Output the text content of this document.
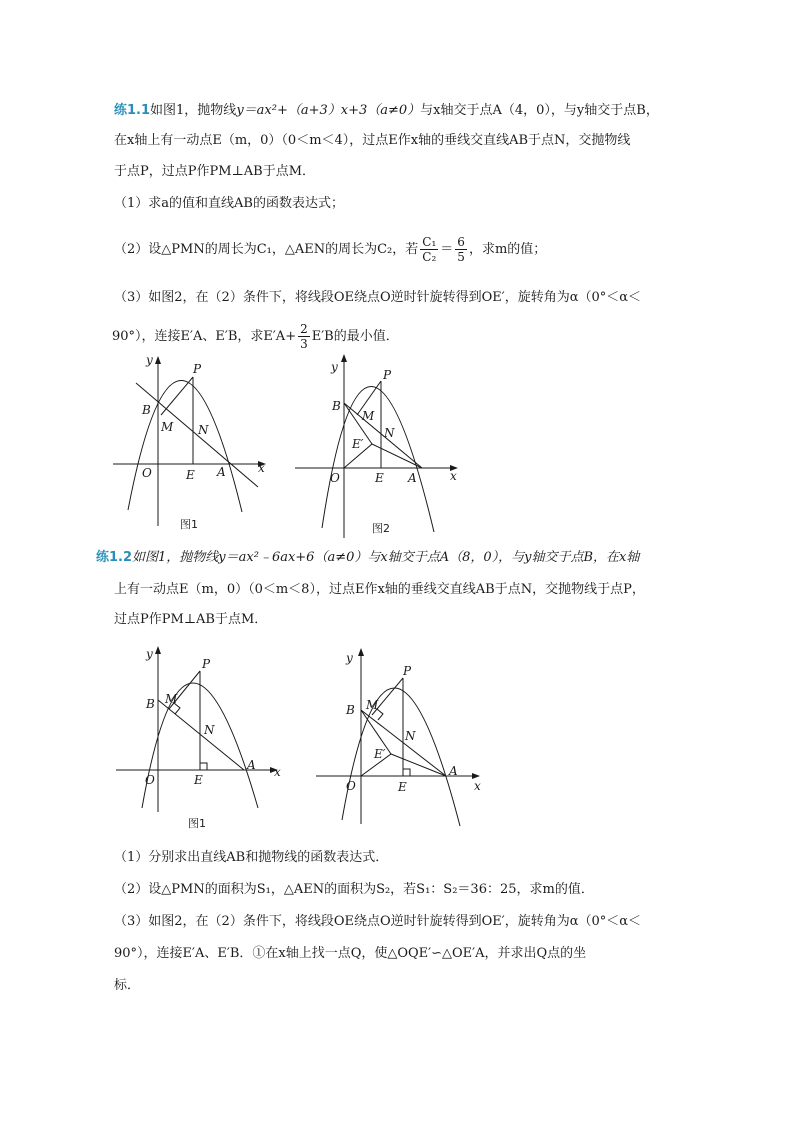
练1.1如图1，抛物线y＝ax²+（a+3）x+3（a≠0）与x轴交于点A（4，0），与y轴交于点B，
在x轴上有一动点E（m，0）（0＜m＜4），过点E作x轴的垂线交直线AB于点N，交抛物线
于点P，过点P作PM⊥AB于点M．
（1）求a的值和直线AB的函数表达式；
（2）设△PMN的周长为C₁，△AEN的周长为C₂，若 $\frac{\text{C₁}}{\text{C₂}} = \frac{6}{5}$ ，求m的值；
（3）如图2，在（2）条件下，将线段OE绕点O逆时针旋转得到OE′，旋转角为α（0°＜α＜
90°），连接E′A、E′B，求$E'A+ \frac{2}{3} E'B$的最小值．
y
x
O
B
P
M N
E A
图1
y
x
O
B
P
M
N
E′
E A
图2
练1.2如图1，抛物线y＝ax²﹣6ax+6（a≠0）与x轴交于点A（8，0），与y轴交于点B，在x轴
上有一动点E（m，0）（0＜m＜8），过点E作x轴的垂线交直线AB于点N，交抛物线于点P，
过点P作PM⊥AB于点M．
y
x
O
B
P
M
N
E
A
图1
y
x
O
B
P
M
N
E′
E
A
（1）分别求出直线AB和抛物线的函数表达式．
（2）设△PMN的面积为S₁，△AEN的面积为S₂，若S₁：S₂＝36：25，求m的值．
（3）如图2，在（2）条件下，将线段OE绕点O逆时针旋转得到OE′，旋转角为α（0°＜α＜
90°），连接E′A、E′B．①在x轴上找一点Q，使△OQE′∽△OE′A，并求出Q点的坐
标．
